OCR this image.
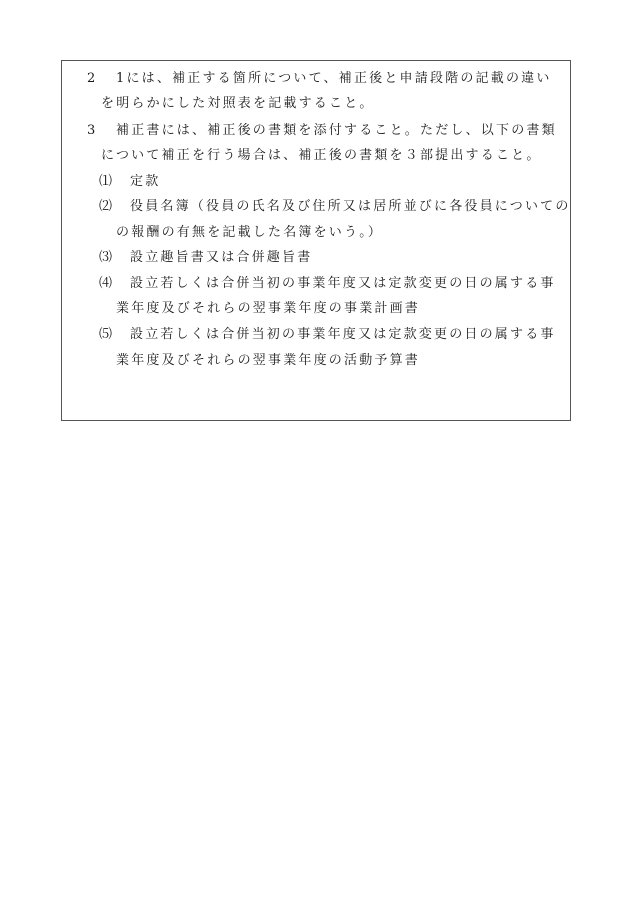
2 1には、補正する箇所について、補正後と申請段階の記載の違い
を明らかにした対照表を記載すること。
3 補正書には、補正後の書類を添付すること。ただし、以下の書類
について補正を行う場合は、補正後の書類を３部提出すること。
⑴ 定款
⑵ 役員名簿（役員の氏名及び住所又は居所並びに各役員についての
の報酬の有無を記載した名簿をいう。）
⑶ 設立趣旨書又は合併趣旨書
⑷ 設立若しくは合併当初の事業年度又は定款変更の日の属する事
業年度及びそれらの翌事業年度の事業計画書
⑸ 設立若しくは合併当初の事業年度又は定款変更の日の属する事
業年度及びそれらの翌事業年度の活動予算書
